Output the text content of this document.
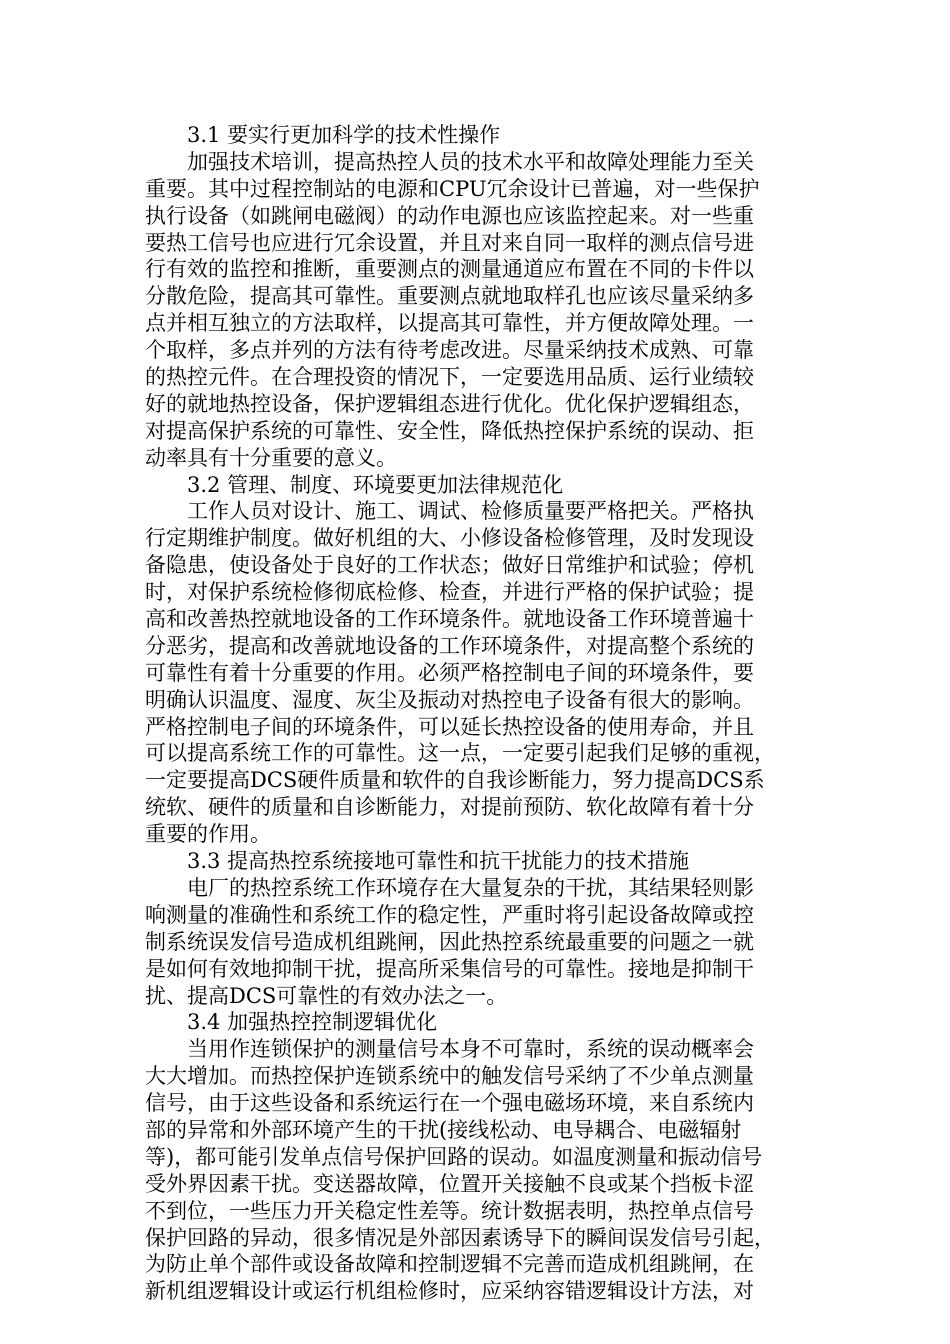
3.1 要实行更加科学的技术性操作
加强技术培训，提高热控人员的技术水平和故障处理能力至关
重要。其中过程控制站的电源和CPU冗余设计已普遍，对一些保护
执行设备（如跳闸电磁阀）的动作电源也应该监控起来。对一些重
要热工信号也应进行冗余设置，并且对来自同一取样的测点信号进
行有效的监控和推断，重要测点的测量通道应布置在不同的卡件以
分散危险，提高其可靠性。重要测点就地取样孔也应该尽量采纳多
点并相互独立的方法取样，以提高其可靠性，并方便故障处理。一
个取样，多点并列的方法有待考虑改进。尽量采纳技术成熟、可靠
的热控元件。在合理投资的情况下，一定要选用品质、运行业绩较
好的就地热控设备，保护逻辑组态进行优化。优化保护逻辑组态，
对提高保护系统的可靠性、安全性，降低热控保护系统的误动、拒
动率具有十分重要的意义。
3.2 管理、制度、环境要更加法律规范化
工作人员对设计、施工、调试、检修质量要严格把关。严格执
行定期维护制度。做好机组的大、小修设备检修管理，及时发现设
备隐患，使设备处于良好的工作状态；做好日常维护和试验；停机
时，对保护系统检修彻底检修、检查，并进行严格的保护试验；提
高和改善热控就地设备的工作环境条件。就地设备工作环境普遍十
分恶劣，提高和改善就地设备的工作环境条件，对提高整个系统的
可靠性有着十分重要的作用。必须严格控制电子间的环境条件，要
明确认识温度、湿度、灰尘及振动对热控电子设备有很大的影响。
严格控制电子间的环境条件，可以延长热控设备的使用寿命，并且
可以提高系统工作的可靠性。这一点，一定要引起我们足够的重视，
一定要提高DCS硬件质量和软件的自我诊断能力，努力提高DCS系
统软、硬件的质量和自诊断能力，对提前预防、软化故障有着十分
重要的作用。
3.3 提高热控系统接地可靠性和抗干扰能力的技术措施
电厂的热控系统工作环境存在大量复杂的干扰，其结果轻则影
响测量的准确性和系统工作的稳定性，严重时将引起设备故障或控
制系统误发信号造成机组跳闸，因此热控系统最重要的问题之一就
是如何有效地抑制干扰，提高所采集信号的可靠性。接地是抑制干
扰、提高DCS可靠性的有效办法之一。
3.4 加强热控控制逻辑优化
当用作连锁保护的测量信号本身不可靠时，系统的误动概率会
大大增加。而热控保护连锁系统中的触发信号采纳了不少单点测量
信号，由于这些设备和系统运行在一个强电磁场环境，来自系统内
部的异常和外部环境产生的干扰(接线松动、电导耦合、电磁辐射
等)，都可能引发单点信号保护回路的误动。如温度测量和振动信号
受外界因素干扰。变送器故障，位置开关接触不良或某个挡板卡涩
不到位，一些压力开关稳定性差等。统计数据表明，热控单点信号
保护回路的异动，很多情况是外部因素诱导下的瞬间误发信号引起，
为防止单个部件或设备故障和控制逻辑不完善而造成机组跳闸，在
新机组逻辑设计或运行机组检修时，应采纳容错逻辑设计方法，对
